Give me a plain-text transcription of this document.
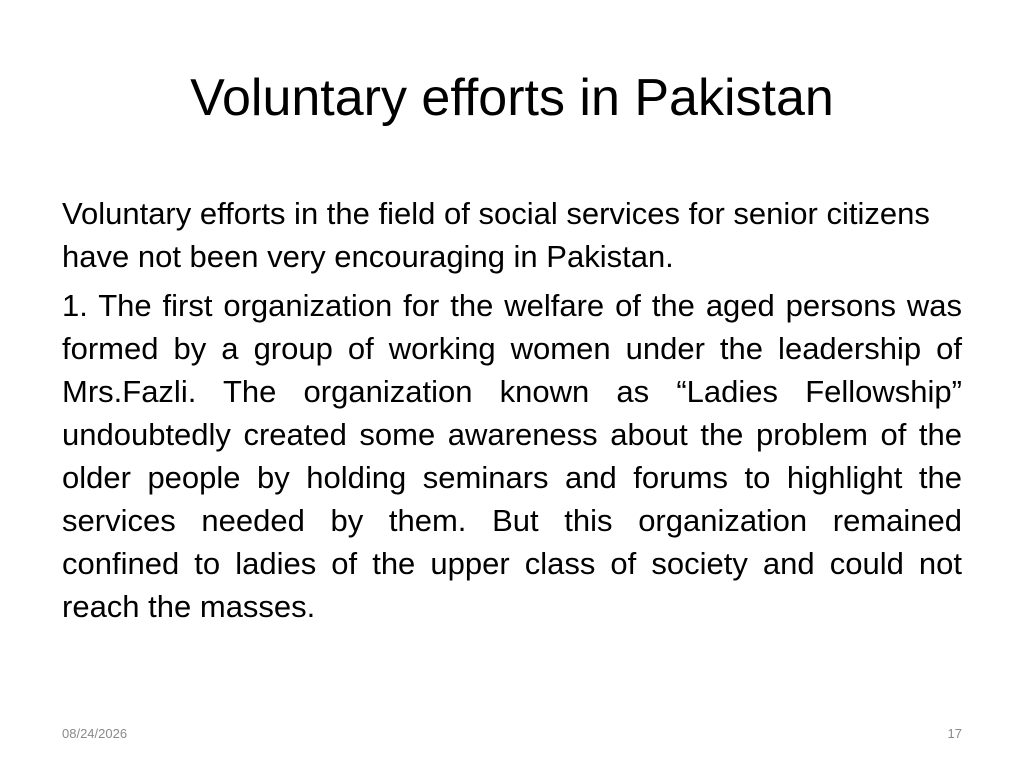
Voluntary efforts in Pakistan

Voluntary efforts in the field of social services for senior citizens have not been very encouraging in Pakistan.

1. The first organization for the welfare of the aged persons was formed by a group of working women under the leadership of Mrs.Fazli. The organization known as “Ladies Fellowship” undoubtedly created some awareness about the problem of the older people by holding seminars and forums to highlight the services needed by them. But this organization remained confined to ladies of the upper class of society and could not reach the masses.

08/24/2026	17
